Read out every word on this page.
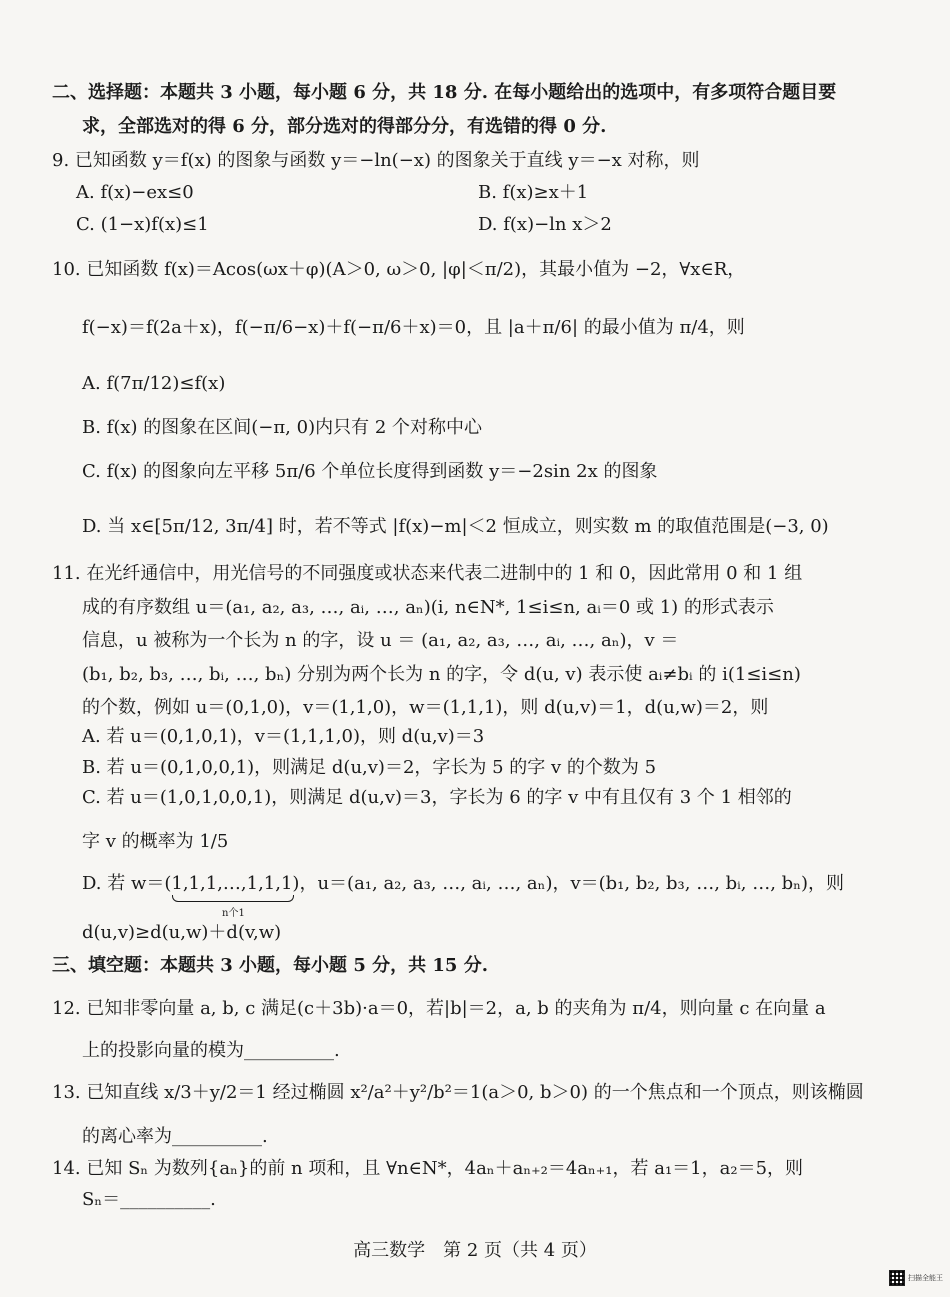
二、选择题：本题共 3 小题，每小题 6 分，共 18 分. 在每小题给出的选项中，有多项符合题目要
求，全部选对的得 6 分，部分选对的得部分分，有选错的得 0 分.
9. 已知函数 y＝f(x) 的图象与函数 y＝−ln(−x) 的图象关于直线 y＝−x 对称，则
A. f(x)−ex≤0	B. f(x)≥x＋1
C. (1−x)f(x)≤1	D. f(x)−ln x＞2
10. 已知函数 f(x)＝Acos(ωx＋φ)(A＞0, ω＞0, |φ|＜π/2)，其最小值为 −2，∀x∈R，
f(−x)＝f(2a＋x)，f(−π/6−x)＋f(−π/6＋x)＝0，且 |a＋π/6| 的最小值为 π/4，则
A. f(7π/12)≤f(x)
B. f(x) 的图象在区间(−π, 0)内只有 2 个对称中心
C. f(x) 的图象向左平移 5π/6 个单位长度得到函数 y＝−2sin 2x 的图象
D. 当 x∈[5π/12, 3π/4] 时，若不等式 |f(x)−m|＜2 恒成立，则实数 m 的取值范围是(−3, 0)
11. 在光纤通信中，用光信号的不同强度或状态来代表二进制中的 1 和 0，因此常用 0 和 1 组
成的有序数组 u＝(a₁, a₂, a₃, …, aᵢ, …, aₙ)(i, n∈N*, 1≤i≤n, aᵢ＝0 或 1) 的形式表示
信息，u 被称为一个长为 n 的字，设 u ＝ (a₁, a₂, a₃, …, aᵢ, …, aₙ)，v ＝
(b₁, b₂, b₃, …, bᵢ, …, bₙ) 分别为两个长为 n 的字，令 d(u, v) 表示使 aᵢ≠bᵢ 的 i(1≤i≤n)
的个数，例如 u＝(0,1,0)，v＝(1,1,0)，w＝(1,1,1)，则 d(u,v)＝1，d(u,w)＝2，则
A. 若 u＝(0,1,0,1)，v＝(1,1,1,0)，则 d(u,v)＝3
B. 若 u＝(0,1,0,0,1)，则满足 d(u,v)＝2，字长为 5 的字 v 的个数为 5
C. 若 u＝(1,0,1,0,0,1)，则满足 d(u,v)＝3，字长为 6 的字 v 中有且仅有 3 个 1 相邻的
字 v 的概率为 1/5
D. 若 w＝(1,1,1,…,1,1,1)，u＝(a₁, a₂, a₃, …, aᵢ, …, aₙ)，v＝(b₁, b₂, b₃, …, bᵢ, …, bₙ)，则
n个1
d(u,v)≥d(u,w)＋d(v,w)
三、填空题：本题共 3 小题，每小题 5 分，共 15 分.
12. 已知非零向量 a, b, c 满足(c＋3b)·a＝0，若|b|＝2，a, b 的夹角为 π/4，则向量 c 在向量 a
上的投影向量的模为__________.
13. 已知直线 x/3＋y/2＝1 经过椭圆 x²/a²＋y²/b²＝1(a＞0, b＞0) 的一个焦点和一个顶点，则该椭圆
的离心率为__________.
14. 已知 Sₙ 为数列{aₙ}的前 n 项和，且 ∀n∈N*，4aₙ＋aₙ₊₂＝4aₙ₊₁，若 a₁＝1，a₂＝5，则
Sₙ＝__________.
高三数学　第 2 页（共 4 页）
扫描全能王
